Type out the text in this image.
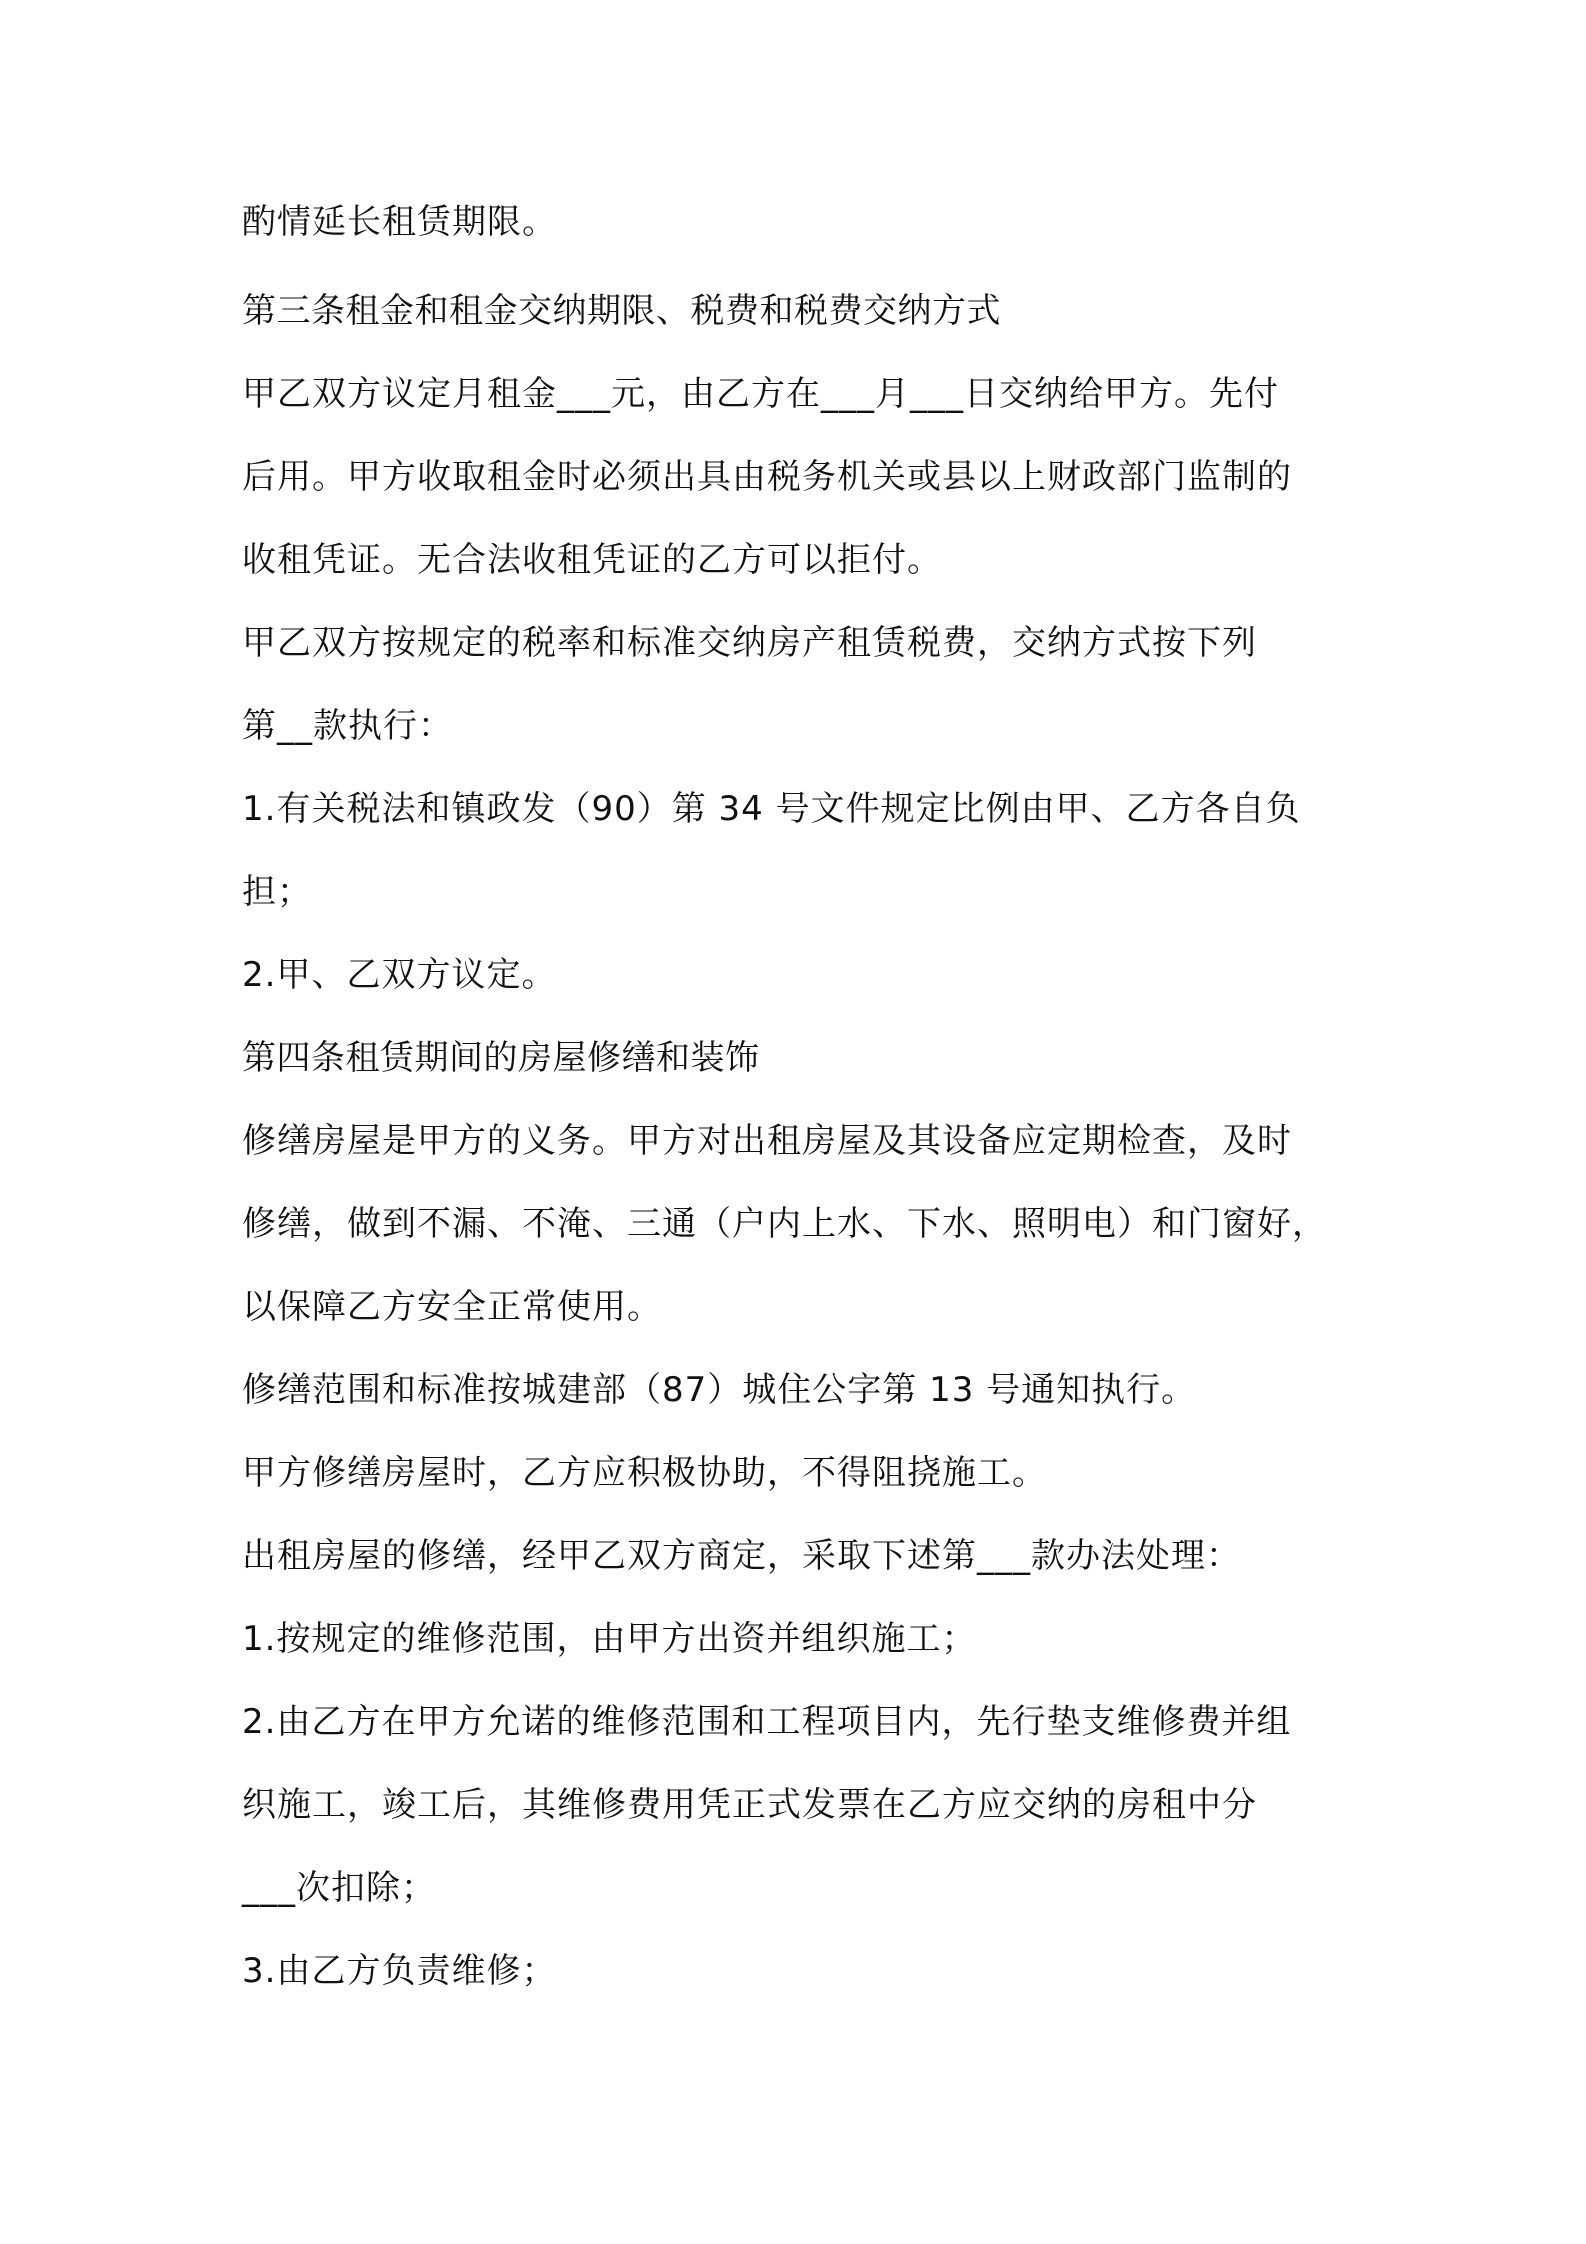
酌情延长租赁期限。

第三条租金和租金交纳期限、税费和税费交纳方式

甲乙双方议定月租金___元，由乙方在___月___日交纳给甲方。先付

后用。甲方收取租金时必须出具由税务机关或县以上财政部门监制的

收租凭证。无合法收租凭证的乙方可以拒付。

甲乙双方按规定的税率和标准交纳房产租赁税费，交纳方式按下列

第__款执行：

1.有关税法和镇政发（90）第 34 号文件规定比例由甲、乙方各自负

担；

2.甲、乙双方议定。

第四条租赁期间的房屋修缮和装饰

修缮房屋是甲方的义务。甲方对出租房屋及其设备应定期检查，及时

修缮，做到不漏、不淹、三通（户内上水、下水、照明电）和门窗好，

以保障乙方安全正常使用。

修缮范围和标准按城建部（87）城住公字第 13 号通知执行。

甲方修缮房屋时，乙方应积极协助，不得阻挠施工。

出租房屋的修缮，经甲乙双方商定，采取下述第___款办法处理：

1.按规定的维修范围，由甲方出资并组织施工；

2.由乙方在甲方允诺的维修范围和工程项目内，先行垫支维修费并组

织施工，竣工后，其维修费用凭正式发票在乙方应交纳的房租中分

___次扣除；

3.由乙方负责维修；
